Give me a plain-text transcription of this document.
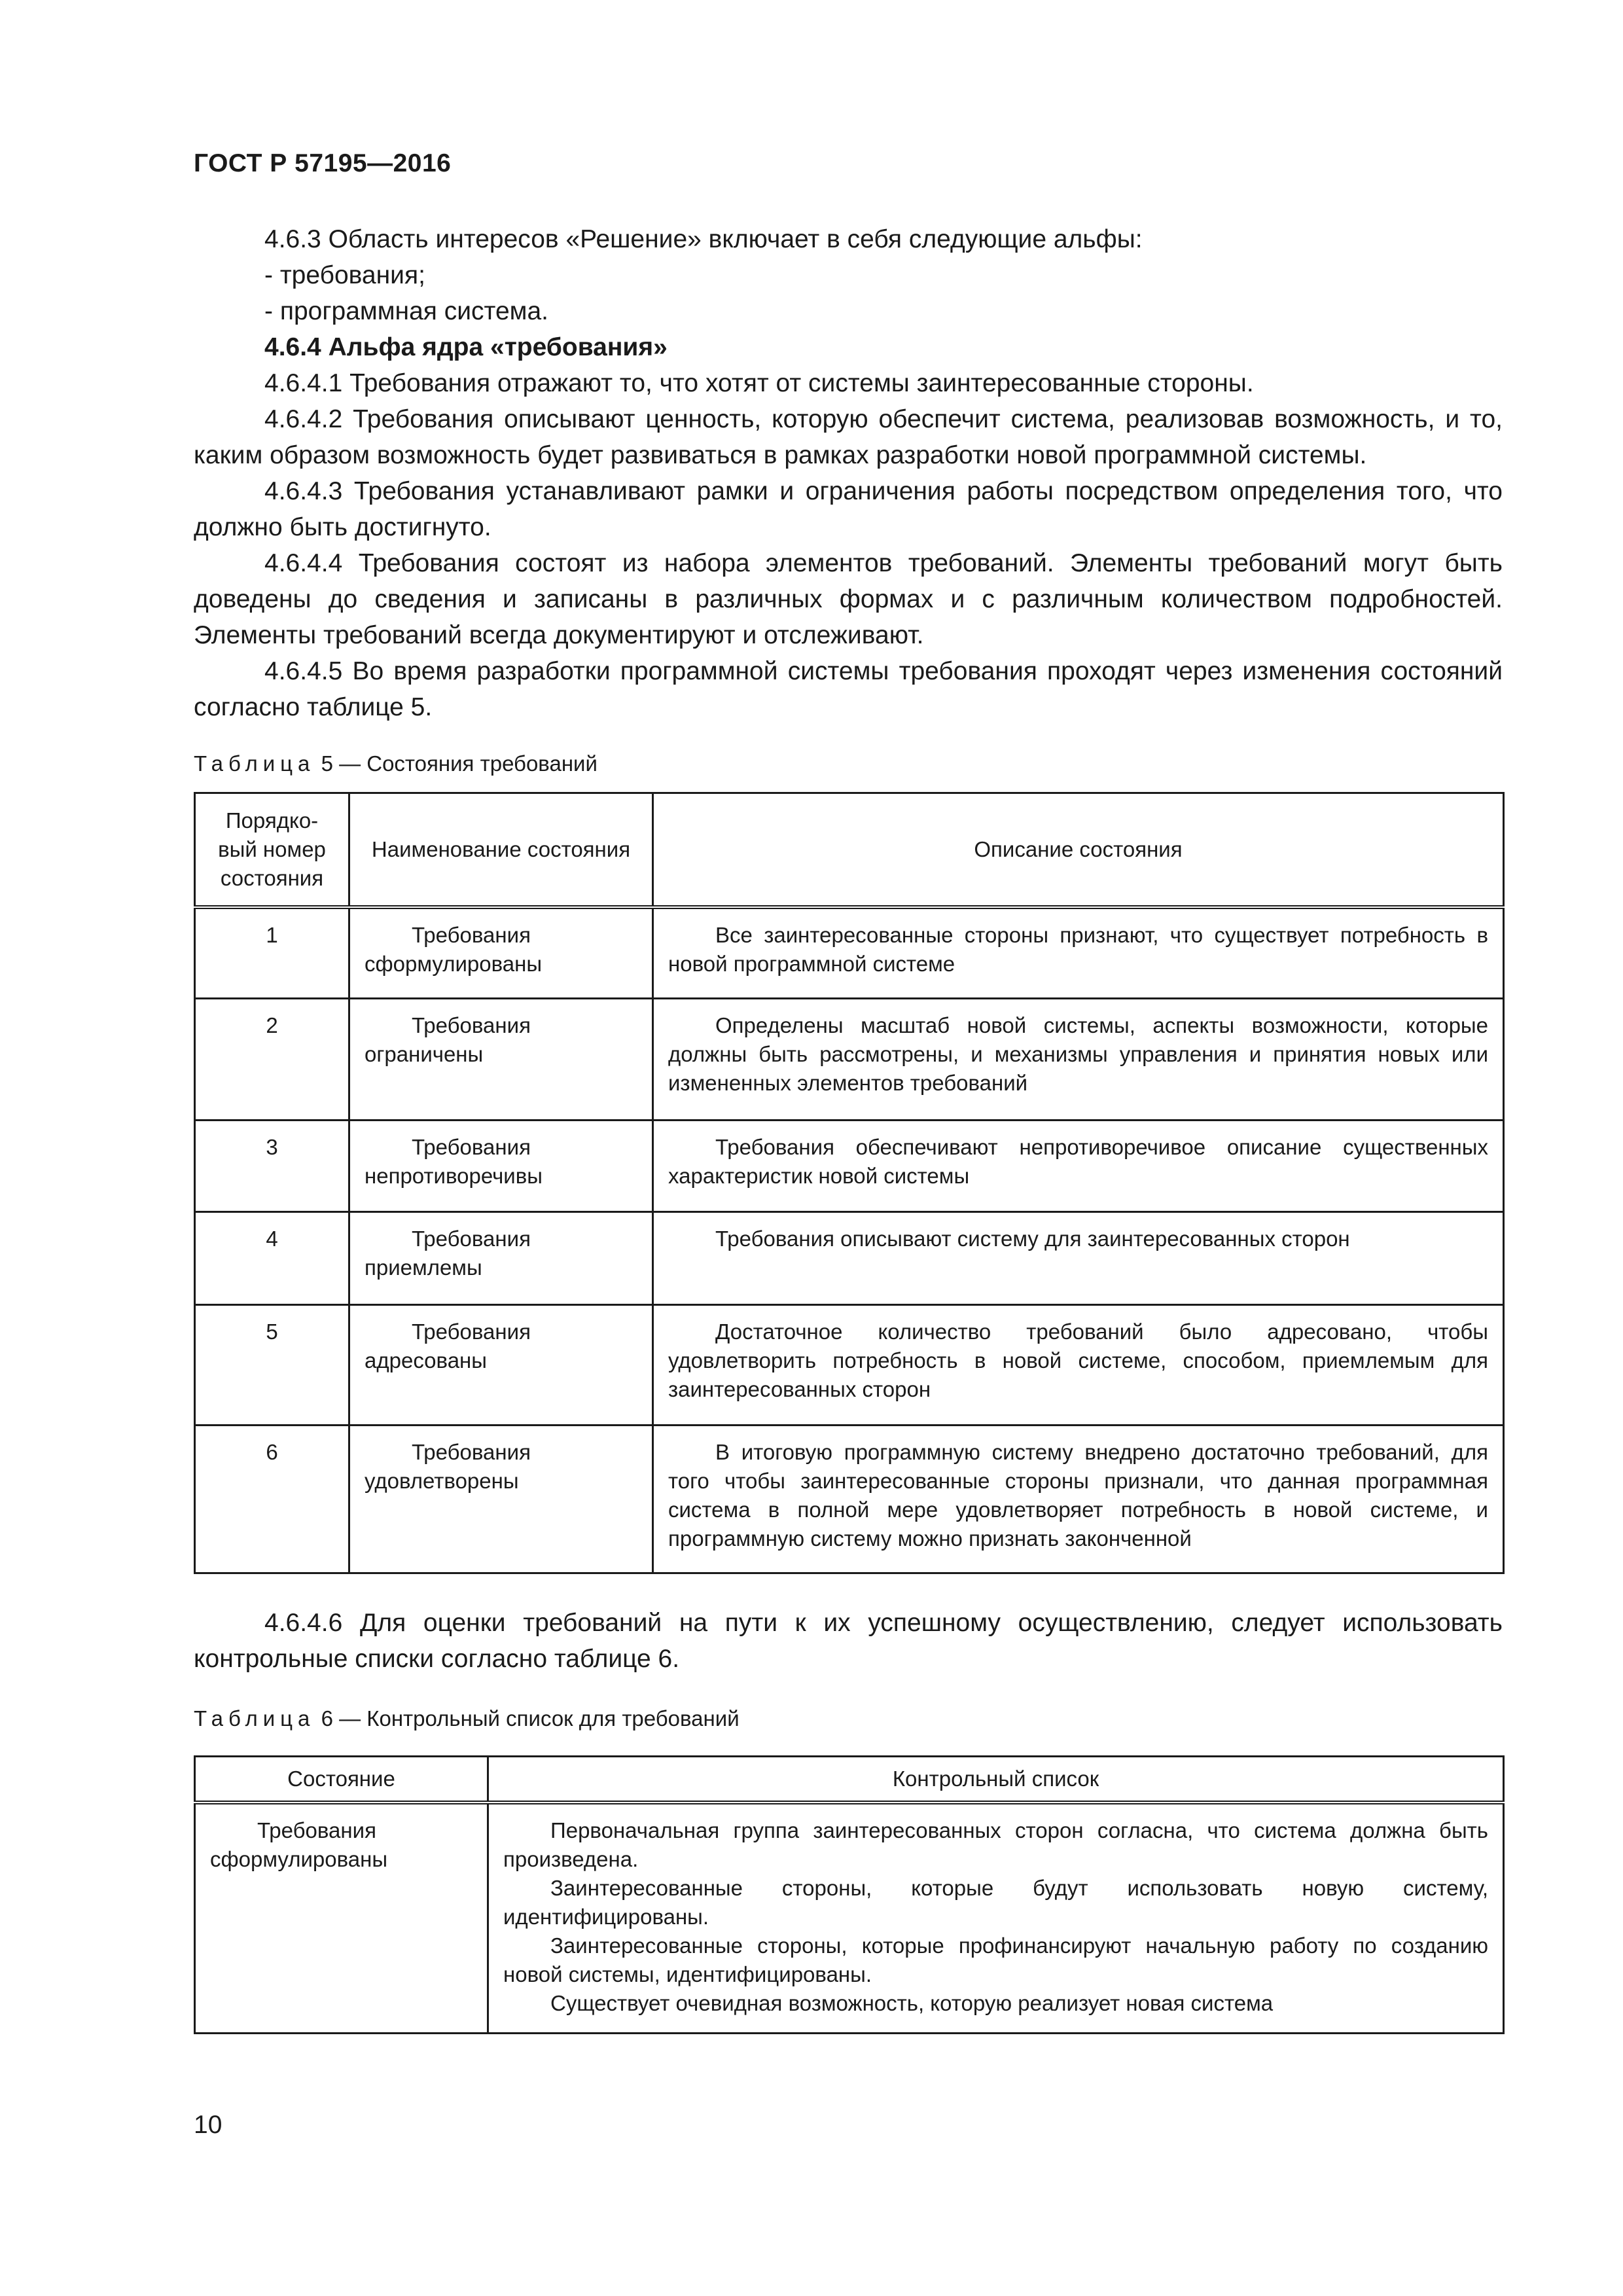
ГОСТ Р 57195—2016

4.6.3 Область интересов «Решение» включает в себя следующие альфы:

- требования;

- программная система.

4.6.4 Альфа ядра «требования»

4.6.4.1 Требования отражают то, что хотят от системы заинтересованные стороны.

4.6.4.2 Требования описывают ценность, которую обеспечит система, реализовав возможность, и то, каким образом возможность будет развиваться в рамках разработки новой программной системы.

4.6.4.3 Требования устанавливают рамки и ограничения работы посредством определения того, что должно быть достигнуто.

4.6.4.4 Требования состоят из набора элементов требований. Элементы требований могут быть доведены до сведения и записаны в различных формах и с различным количеством подробностей. Элементы требований всегда документируют и отслеживают.

4.6.4.5 Во время разработки программной системы требования проходят через изменения состояний согласно таблице 5.

Таблица 5 — Состояния требований

Порядко-вый номер состояния	Наименование состояния	Описание состояния
1	Требования сформулированы	Все заинтересованные стороны признают, что существует потребность в новой программной системе
2	Требования ограничены	Определены масштаб новой системы, аспекты возможности, которые должны быть рассмотрены, и механизмы управления и принятия новых или измененных элементов требований
3	Требования непротиворечивы	Требования обеспечивают непротиворечивое описание существенных характеристик новой системы
4	Требования приемлемы	Требования описывают систему для заинтересованных сторон
5	Требования адресованы	Достаточное количество требований было адресовано, чтобы удовлетворить потребность в новой системе, способом, приемлемым для заинтересованных сторон
6	Требования удовлетворены	В итоговую программную систему внедрено достаточно требований, для того чтобы заинтересованные стороны признали, что данная программная система в полной мере удовлетворяет потребность в новой системе, и программную систему можно признать законченной

4.6.4.6 Для оценки требований на пути к их успешному осуществлению, следует использовать контрольные списки согласно таблице 6.

Таблица 6 — Контрольный список для требований

Состояние	Контрольный список
Требования сформулированы	Первоначальная группа заинтересованных сторон согласна, что система должна быть произведена.

Заинтересованные стороны, которые будут использовать новую систему, идентифицированы.

Заинтересованные стороны, которые профинансируют начальную работу по созданию новой системы, идентифицированы.

Существует очевидная возможность, которую реализует новая система

10
